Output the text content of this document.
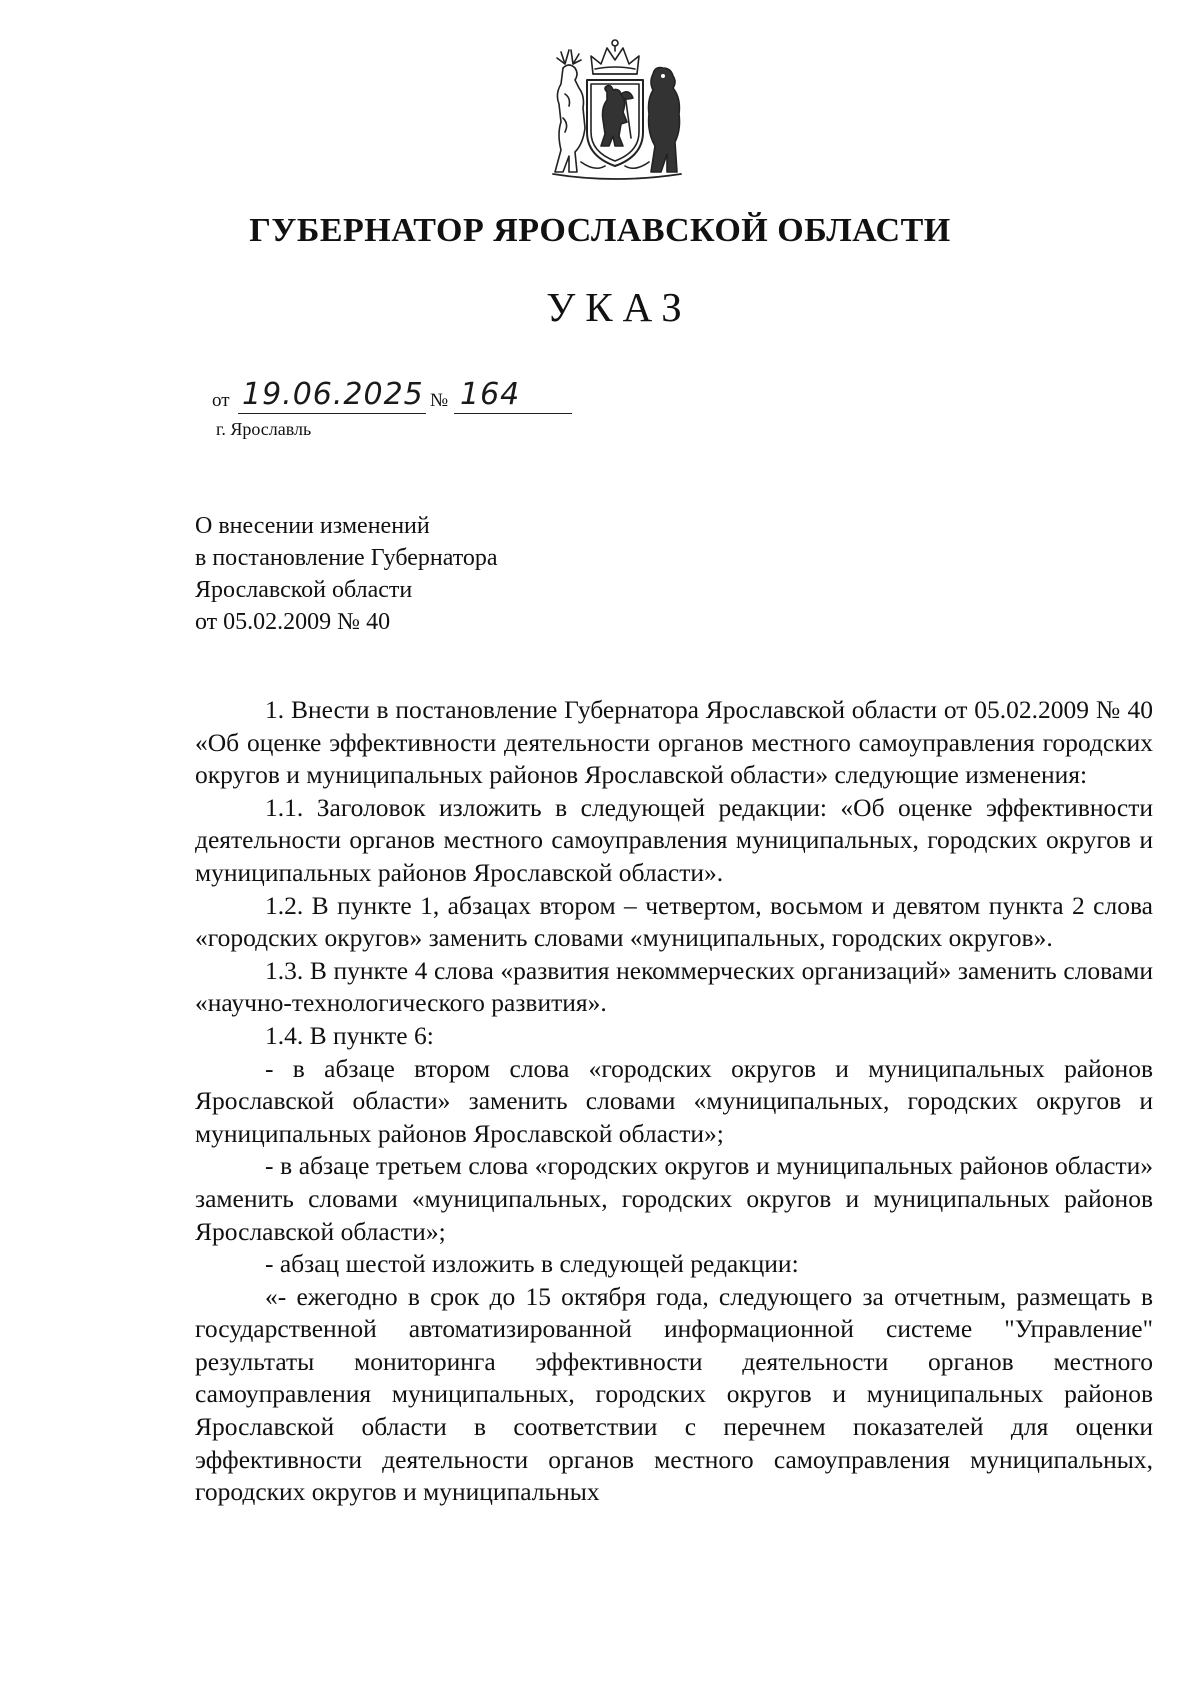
ГУБЕРНАТОР ЯРОСЛАВСКОЙ ОБЛАСТИ
УКАЗ
от 19.06.2025 № 164
г. Ярославль
О внесении изменений
в постановление Губернатора
Ярославской области
от 05.02.2009 № 40

1. Внести в постановление Губернатора Ярославской области от 05.02.2009 № 40 «Об оценке эффективности деятельности органов местного самоуправления городских округов и муниципальных районов Ярославской области» следующие изменения:

1.1. Заголовок изложить в следующей редакции: «Об оценке эффективности деятельности органов местного самоуправления муниципальных, городских округов и муниципальных районов Ярославской области».

1.2. В пункте 1, абзацах втором – четвертом, восьмом и девятом пункта 2 слова «городских округов» заменить словами «муниципальных, городских округов».

1.3. В пункте 4 слова «развития некоммерческих организаций» заменить словами «научно-технологического развития».

1.4. В пункте 6:

- в абзаце втором слова «городских округов и муниципальных районов Ярославской области» заменить словами «муниципальных, городских округов и муниципальных районов Ярославской области»;

- в абзаце третьем слова «городских округов и муниципальных районов области» заменить словами «муниципальных, городских округов и муниципальных районов Ярославской области»;

- абзац шестой изложить в следующей редакции:

«- ежегодно в срок до 15 октября года, следующего за отчетным, размещать в государственной автоматизированной информационной системе "Управление" результаты мониторинга эффективности деятельности органов местного самоуправления муниципальных, городских округов и муниципальных районов Ярославской области в соответствии с перечнем показателей для оценки эффективности деятельности органов местного самоуправления муниципальных, городских округов и муниципальных
